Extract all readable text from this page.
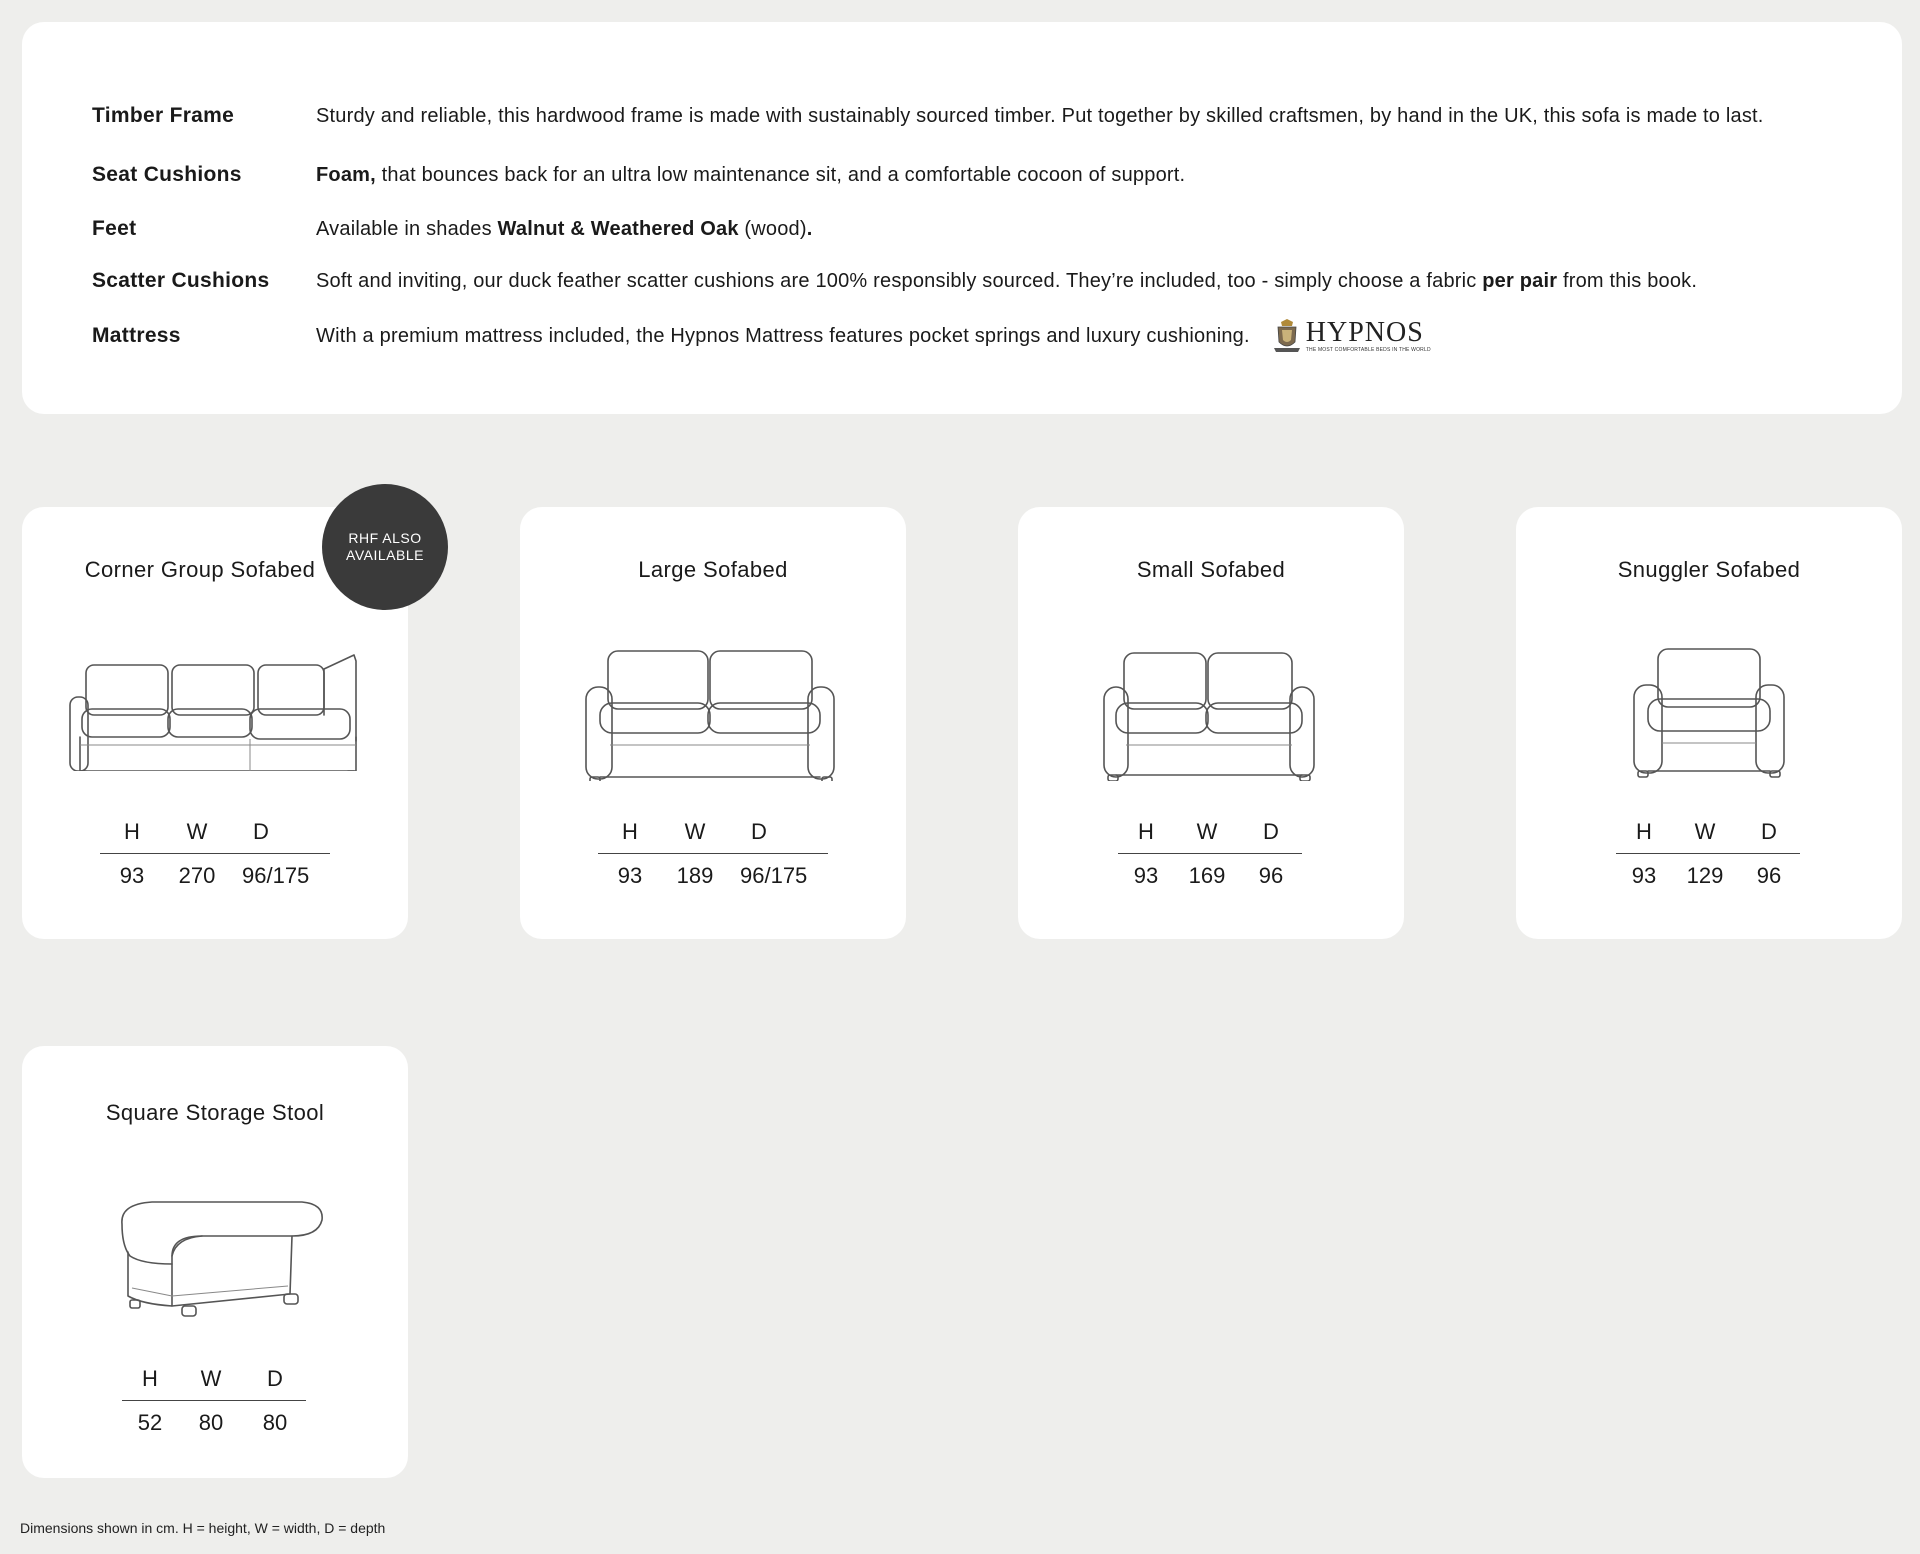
Timber Frame	Sturdy and reliable, this hardwood frame is made with sustainably sourced timber. Put together by skilled craftsmen, by hand in the UK, this sofa is made to last.
Seat Cushions	Foam, that bounces back for an ultra low maintenance sit, and a comfortable cocoon of support.
Feet	Available in shades Walnut & Weathered Oak (wood) .
Scatter Cushions	Soft and inviting, our duck feather scatter cushions are 100% responsibly sourced. They’re included, too - simply choose a fabric per pair from this book.
Mattress	With a premium mattress included, the Hypnos Mattress features pocket springs and luxury cushioning. HYPNOS
THE MOST COMFORTABLE BEDS IN THE WORLD
Corner Group Sofabed
H	W	D
93	270	96/175
RHF ALSO
AVAILABLE
Large Sofabed
H	W	D
93	189	96/175
Small Sofabed
H	W	D
93	169	96
Snuggler Sofabed
H	W	D
93	129	96
Square Storage Stool
H	W	D
52	80	80
Dimensions shown in cm. H = height, W = width, D = depth
